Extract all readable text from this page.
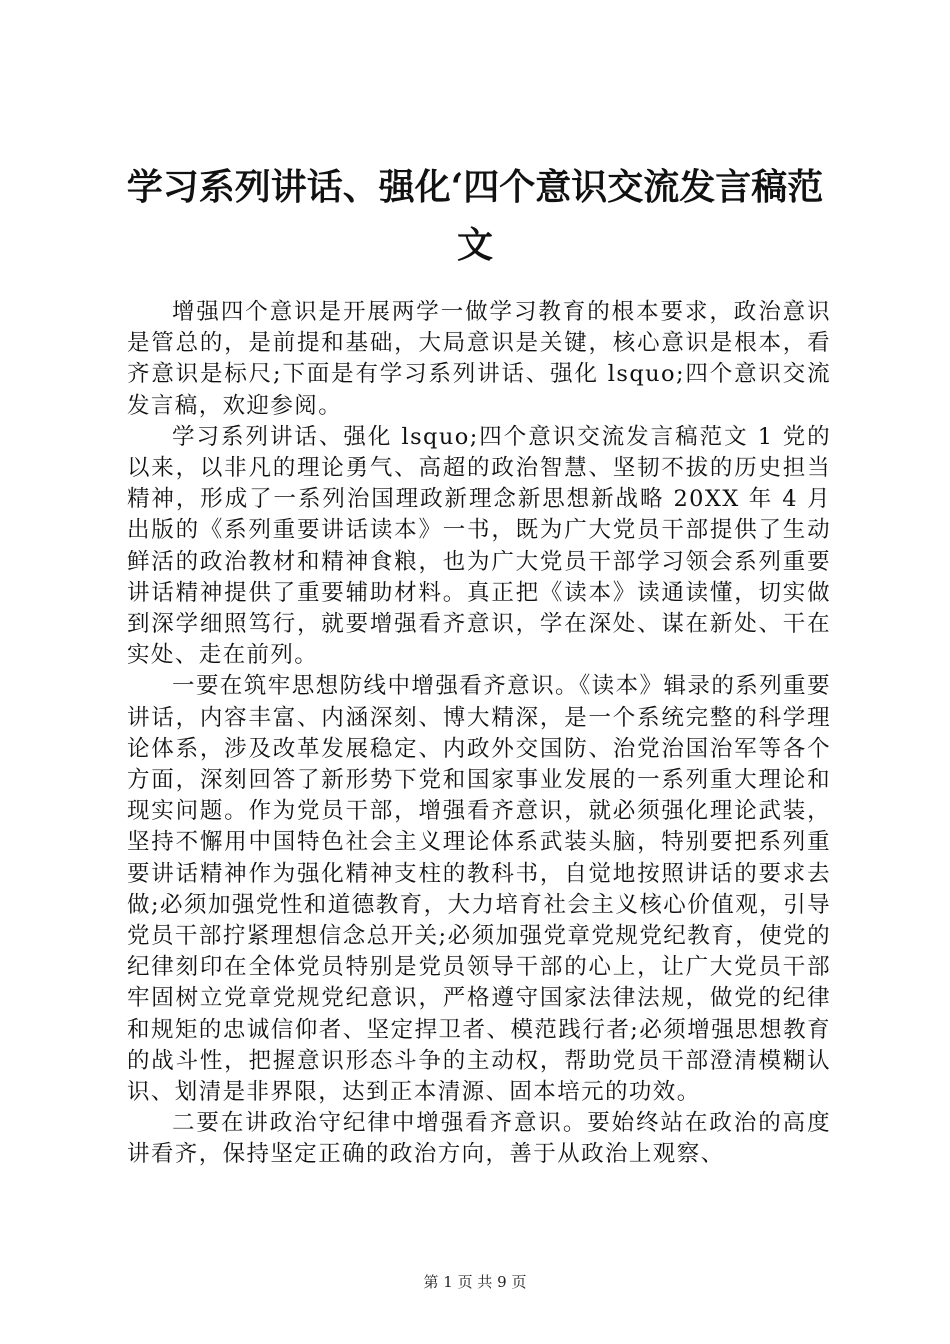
学习系列讲话、强化‘四个意识交流发言稿范文

增强四个意识是开展两学一做学习教育的根本要求，政治意识是管总的，是前提和基础，大局意识是关键，核心意识是根本，看齐意识是标尺;下面是有学习系列讲话、强化 lsquo;四个意识交流发言稿，欢迎参阅。

学习系列讲话、强化 lsquo;四个意识交流发言稿范文 1 党的以来，以非凡的理论勇气、高超的政治智慧、坚韧不拔的历史担当精神，形成了一系列治国理政新理念新思想新战略 20XX 年 4 月出版的《系列重要讲话读本》一书，既为广大党员干部提供了生动鲜活的政治教材和精神食粮，也为广大党员干部学习领会系列重要讲话精神提供了重要辅助材料。真正把《读本》读通读懂，切实做到深学细照笃行，就要增强看齐意识，学在深处、谋在新处、干在实处、走在前列。

一要在筑牢思想防线中增强看齐意识。《读本》辑录的系列重要讲话，内容丰富、内涵深刻、博大精深，是一个系统完整的科学理论体系，涉及改革发展稳定、内政外交国防、治党治国治军等各个方面，深刻回答了新形势下党和国家事业发展的一系列重大理论和现实问题。作为党员干部，增强看齐意识，就必须强化理论武装，坚持不懈用中国特色社会主义理论体系武装头脑，特别要把系列重要讲话精神作为强化精神支柱的教科书，自觉地按照讲话的要求去做;必须加强党性和道德教育，大力培育社会主义核心价值观，引导党员干部拧紧理想信念总开关;必须加强党章党规党纪教育，使党的纪律刻印在全体党员特别是党员领导干部的心上，让广大党员干部牢固树立党章党规党纪意识，严格遵守国家法律法规，做党的纪律和规矩的忠诚信仰者、坚定捍卫者、模范践行者;必须增强思想教育的战斗性，把握意识形态斗争的主动权，帮助党员干部澄清模糊认识、划清是非界限，达到正本清源、固本培元的功效。

二要在讲政治守纪律中增强看齐意识。要始终站在政治的高度讲看齐，保持坚定正确的政治方向，善于从政治上观察、

第 1 页 共 9 页
